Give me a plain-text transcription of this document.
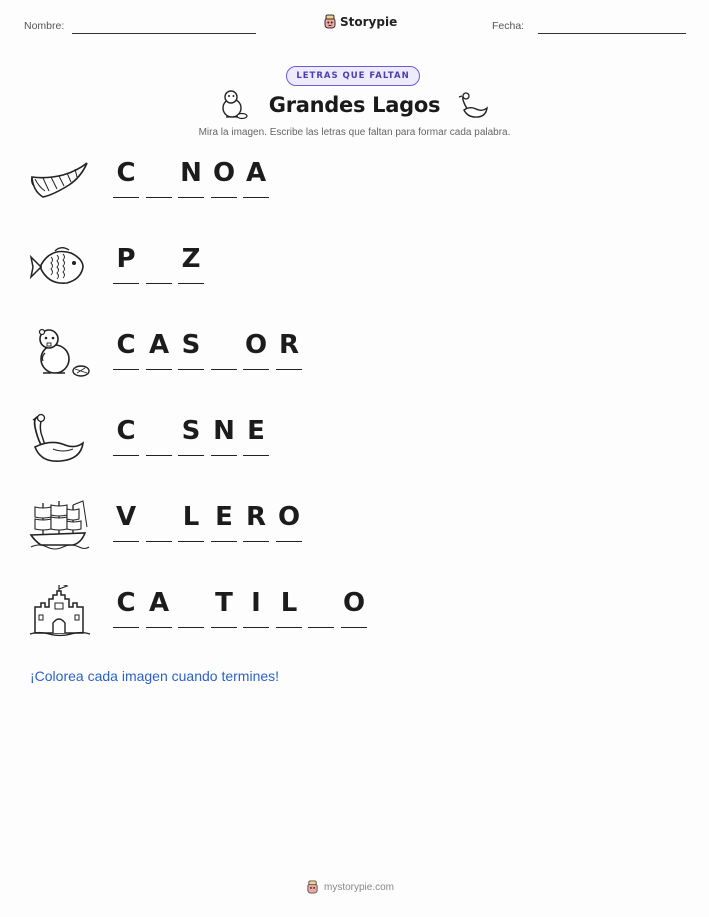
Nombre:	Storypie	Fecha:
LETRAS QUE FALTAN
Grandes Lagos
Mira la imagen. Escribe las letras que faltan para formar cada palabra.
C N O A
P Z
C A S O R
C S N E
V L E R O
C A T I L O
¡Colorea cada imagen cuando termines!
mystorypie.com
